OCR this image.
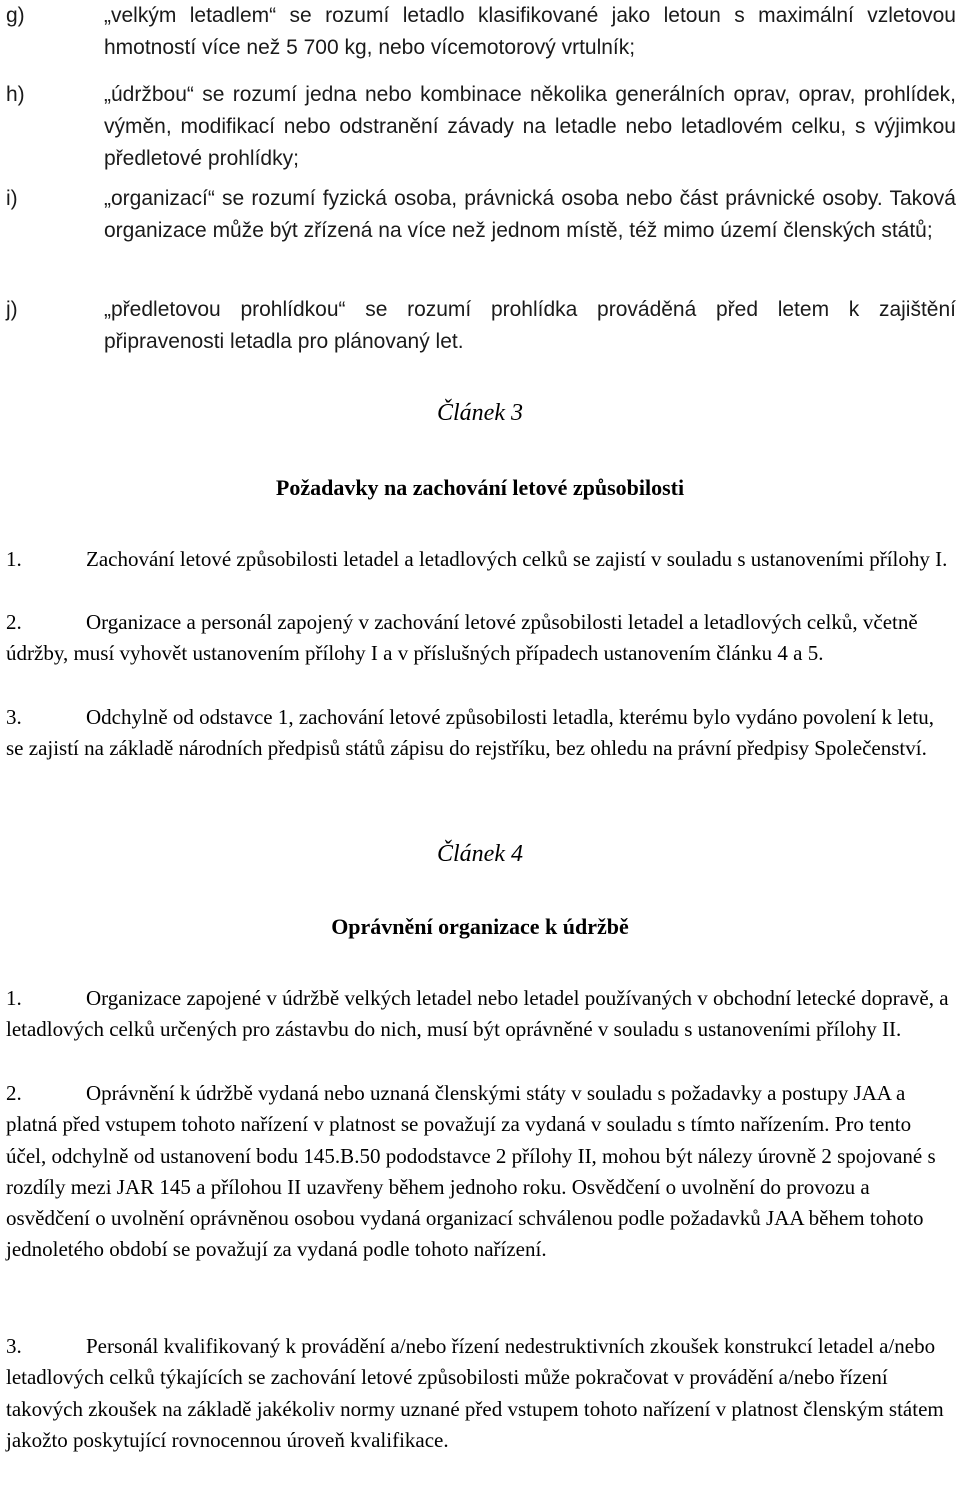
g)	„velkým letadlem“ se rozumí letadlo klasifikované jako letoun s maximální vzletovou hmotností více než 5 700 kg, nebo vícemotorový vrtulník;
h)	„údržbou“ se rozumí jedna nebo kombinace několika generálních oprav, oprav, prohlídek, výměn, modifikací nebo odstranění závady na letadle nebo letadlovém celku, s výjimkou předletové prohlídky;
i)	„organizací“ se rozumí fyzická osoba, právnická osoba nebo část právnické osoby. Taková organizace může být zřízená na více než jednom místě, též mimo území členských států;
j)	„předletovou prohlídkou“ se rozumí prohlídka prováděná před letem k zajištění připravenosti letadla pro plánovaný let.
Článek 3
Požadavky na zachování letové způsobilosti
1.	Zachování letové způsobilosti letadel a letadlových celků se zajistí v souladu s ustanoveními přílohy I.
2.	Organizace a personál zapojený v zachování letové způsobilosti letadel a letadlových celků, včetně údržby, musí vyhovět ustanovením přílohy I a v příslušných případech ustanovením článku 4 a 5.
3.	Odchylně od odstavce 1, zachování letové způsobilosti letadla, kterému bylo vydáno povolení k letu, se zajistí na základě národních předpisů států zápisu do rejstříku, bez ohledu na právní předpisy Společenství.
Článek 4
Oprávnění organizace k údržbě
1.	Organizace zapojené v údržbě velkých letadel nebo letadel používaných v obchodní letecké dopravě, a letadlových celků určených pro zástavbu do nich, musí být oprávněné v souladu s ustanoveními přílohy II.
2.	Oprávnění k údržbě vydaná nebo uznaná členskými státy v souladu s požadavky a postupy JAA a platná před vstupem tohoto nařízení v platnost se považují za vydaná v souladu s tímto nařízením. Pro tento účel, odchylně od ustanovení bodu 145.B.50 pododstavce 2 přílohy II, mohou být nálezy úrovně 2 spojované s rozdíly mezi JAR 145 a přílohou II uzavřeny během jednoho roku. Osvědčení o uvolnění do provozu a osvědčení o uvolnění oprávněnou osobou vydaná organizací schválenou podle požadavků JAA během tohoto jednoletého období se považují za vydaná podle tohoto nařízení.
3.	Personál kvalifikovaný k provádění a/nebo řízení nedestruktivních zkoušek konstrukcí letadel a/nebo letadlových celků týkajících se zachování letové způsobilosti může pokračovat v provádění a/nebo řízení takových zkoušek na základě jakékoliv normy uznané před vstupem tohoto nařízení v platnost členským státem jakožto poskytující rovnocennou úroveň kvalifikace.
